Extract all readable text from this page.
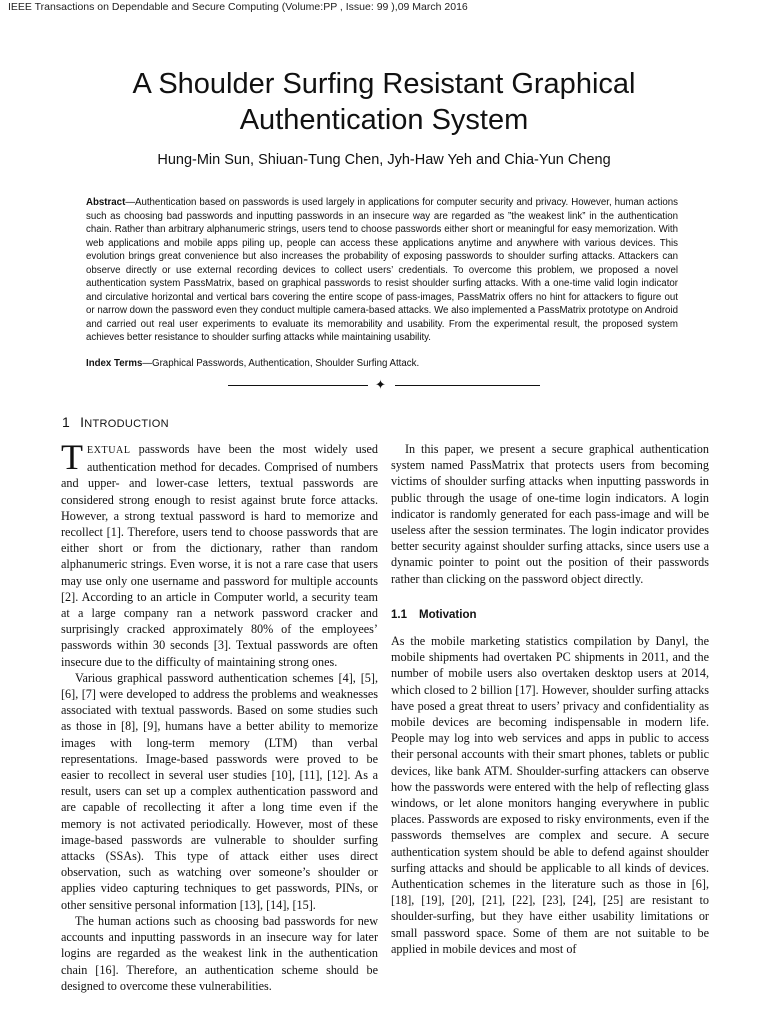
IEEE Transactions on Dependable and Secure Computing (Volume:PP , Issue: 99 ),09 March 2016
A Shoulder Surfing Resistant Graphical
Authentication System
Hung-Min Sun, Shiuan-Tung Chen, Jyh-Haw Yeh and Chia-Yun Cheng
Abstract—Authentication based on passwords is used largely in applications for computer security and privacy. However, human actions such as choosing bad passwords and inputting passwords in an insecure way are regarded as ”the weakest link” in the authentication chain. Rather than arbitrary alphanumeric strings, users tend to choose passwords either short or meaningful for easy memorization. With web applications and mobile apps piling up, people can access these applications anytime and anywhere with various devices. This evolution brings great convenience but also increases the probability of exposing passwords to shoulder surfing attacks. Attackers can observe directly or use external recording devices to collect users’ credentials. To overcome this problem, we proposed a novel authentication system PassMatrix, based on graphical passwords to resist shoulder surfing attacks. With a one-time valid login indicator and circulative horizontal and vertical bars covering the entire scope of pass-images, PassMatrix offers no hint for attackers to figure out or narrow down the password even they conduct multiple camera-based attacks. We also implemented a PassMatrix prototype on Android and carried out real user experiments to evaluate its memorability and usability. From the experimental result, the proposed system achieves better resistance to shoulder surfing attacks while maintaining usability.
Index Terms—Graphical Passwords, Authentication, Shoulder Surfing Attack.
✦
1 INTRODUCTION

TEXTUAL passwords have been the most widely used authentication method for decades. Comprised of numbers and upper- and lower-case letters, textual passwords are considered strong enough to resist against brute force attacks. However, a strong textual password is hard to memorize and recollect [1]. Therefore, users tend to choose passwords that are either short or from the dictionary, rather than random alphanumeric strings. Even worse, it is not a rare case that users may use only one username and password for multiple accounts [2]. According to an article in Computer world, a security team at a large company ran a network password cracker and surprisingly cracked approximately 80% of the employees’ passwords within 30 seconds [3]. Textual passwords are often insecure due to the difficulty of maintaining strong ones.

Various graphical password authentication schemes [4], [5], [6], [7] were developed to address the problems and weaknesses associated with textual passwords. Based on some studies such as those in [8], [9], humans have a better ability to memorize images with long-term memory (LTM) than verbal representations. Image-based passwords were proved to be easier to recollect in several user studies [10], [11], [12]. As a result, users can set up a complex authentication password and are capable of recollecting it after a long time even if the memory is not activated periodically. However, most of these image-based passwords are vulnerable to shoulder surfing attacks (SSAs). This type of attack either uses direct observation, such as watching over someone’s shoulder or applies video capturing techniques to get passwords, PINs, or other sensitive personal information [13], [14], [15].

The human actions such as choosing bad passwords for new accounts and inputting passwords in an insecure way for later logins are regarded as the weakest link in the authentication chain [16]. Therefore, an authentication scheme should be designed to overcome these vulnerabilities.

In this paper, we present a secure graphical authentication system named PassMatrix that protects users from becoming victims of shoulder surfing attacks when inputting passwords in public through the usage of one-time login indicators. A login indicator is randomly generated for each pass-image and will be useless after the session terminates. The login indicator provides better security against shoulder surfing attacks, since users use a dynamic pointer to point out the position of their passwords rather than clicking on the password object directly.

1.1 Motivation

As the mobile marketing statistics compilation by Danyl, the mobile shipments had overtaken PC shipments in 2011, and the number of mobile users also overtaken desktop users at 2014, which closed to 2 billion [17]. However, shoulder surfing attacks have posed a great threat to users’ privacy and confidentiality as mobile devices are becoming indispensable in modern life. People may log into web services and apps in public to access their personal accounts with their smart phones, tablets or public devices, like bank ATM. Shoulder-surfing attackers can observe how the passwords were entered with the help of reflecting glass windows, or let alone monitors hanging everywhere in public places. Passwords are exposed to risky environments, even if the passwords themselves are complex and secure. A secure authentication system should be able to defend against shoulder surfing attacks and should be applicable to all kinds of devices. Authentication schemes in the literature such as those in [6], [18], [19], [20], [21], [22], [23], [24], [25] are resistant to shoulder-surfing, but they have either usability limitations or small password space. Some of them are not suitable to be applied in mobile devices and most of
